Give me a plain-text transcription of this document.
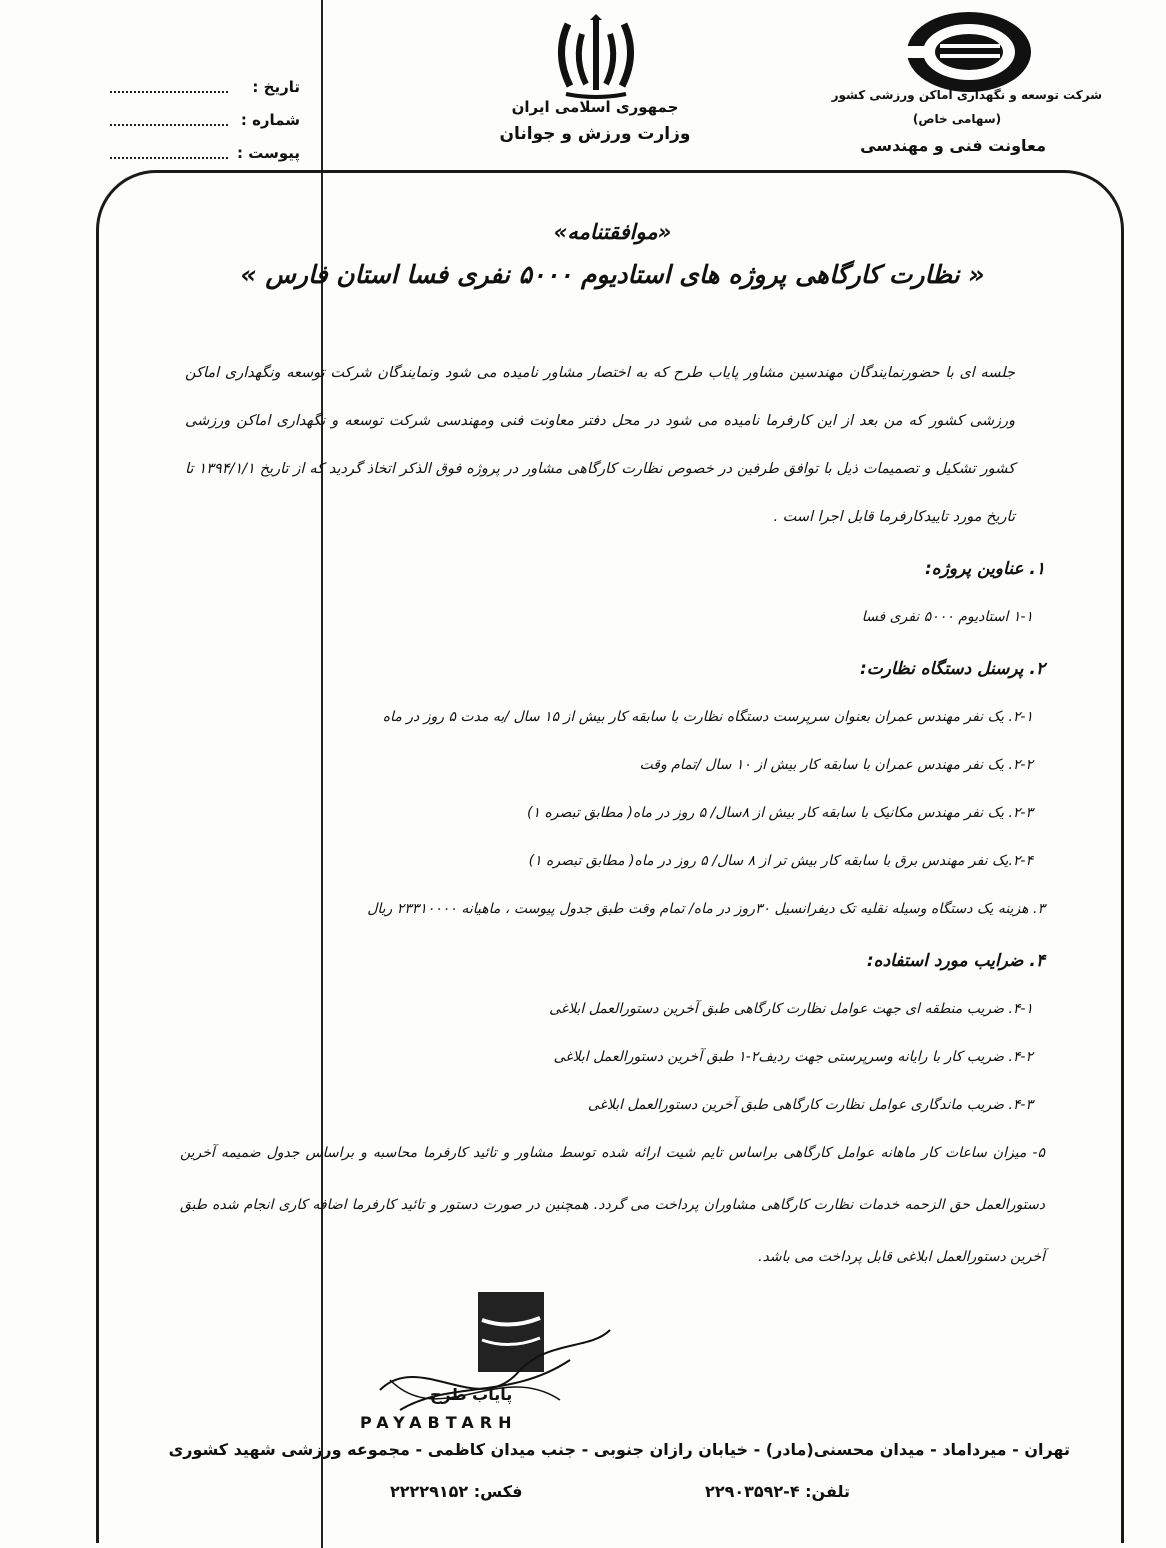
تاریخ :
شماره :
پیوست :
جمهوری اسلامی ایران
وزارت ورزش و جوانان
شرکت توسعه و نگهداری اماکن ورزشی کشور
(سهامی خاص)
معاونت فنی و مهندسی
«موافقتنامه»
« نظارت کارگاهی پروژه های استادیوم ۵۰۰۰ نفری فسا استان فارس »
جلسه ای با حضورنمایندگان مهندسین مشاور پایاب طرح که به اختصار مشاور نامیده می شود ونمایندگان شرکت توسعه ونگهداری اماکن ورزشی کشور که من بعد از این کارفرما نامیده می شود در محل دفتر معاونت فنی ومهندسی شرکت توسعه و نگهداری اماکن ورزشی کشور تشکیل و تصمیمات ذیل با توافق طرفین در خصوص نظارت کارگاهی مشاور در پروژه فوق الذکر اتخاذ گردید که از تاریخ ۱۳۹۴/۱/۱ تا تاریخ مورد تاییدکارفرما قابل اجرا است .
۱. عناوین پروژه:
۱-۱ استادیوم ۵۰۰۰ نفری فسا
۲. پرسنل دستگاه نظارت:
۲-۱. یک نفر مهندس عمران بعنوان سرپرست دستگاه نظارت با سابقه کار بیش از ۱۵ سال /به مدت ۵ روز در ماه
۲-۲. یک نفر مهندس عمران با سابقه کار بیش از ۱۰ سال /تمام وقت
۲-۳. یک نفر مهندس مکانیک با سابقه کار بیش از ۸سال/ ۵ روز در ماه( مطابق تبصره ۱)
۲-۴.یک نفر مهندس برق با سابقه کار بیش تر از ۸ سال/ ۵ روز در ماه( مطابق تبصره ۱)
۳. هزینه یک دستگاه وسیله نقلیه تک دیفرانسیل ۳۰روز در ماه/ تمام وقت طبق جدول پیوست ، ماهیانه ۲۳۳۱۰۰۰۰ ریال
۴. ضرایب مورد استفاده:
۴-۱. ضریب منطقه ای جهت عوامل نظارت کارگاهی طبق آخرین دستورالعمل ابلاغی
۴-۲. ضریب کار با رایانه وسرپرستی جهت ردیف۲-۱ طبق آخرین دستورالعمل ابلاغی
۴-۳. ضریب ماندگاری عوامل نظارت کارگاهی طبق آخرین دستورالعمل ابلاغی
۵- میزان ساعات کار ماهانه عوامل کارگاهی براساس تایم شیت ارائه شده توسط مشاور و تائید کارفرما محاسبه و براساس جدول ضمیمه آخرین دستورالعمل حق الزحمه خدمات نظارت کارگاهی مشاوران پرداخت می گردد. همچنین در صورت دستور و تائید کارفرما اضافه کاری انجام شده طبق آخرین دستورالعمل ابلاغی قابل پرداخت می باشد.
پایاب طرح
PAYABTARH
تهران - میرداماد - میدان محسنی(مادر) - خیابان رازان جنوبی - جنب میدان کاظمی - مجموعه ورزشی شهید کشوری
تلفن: ۴-۲۲۹۰۳۵۹۲
فکس: ۲۲۲۲۹۱۵۲
